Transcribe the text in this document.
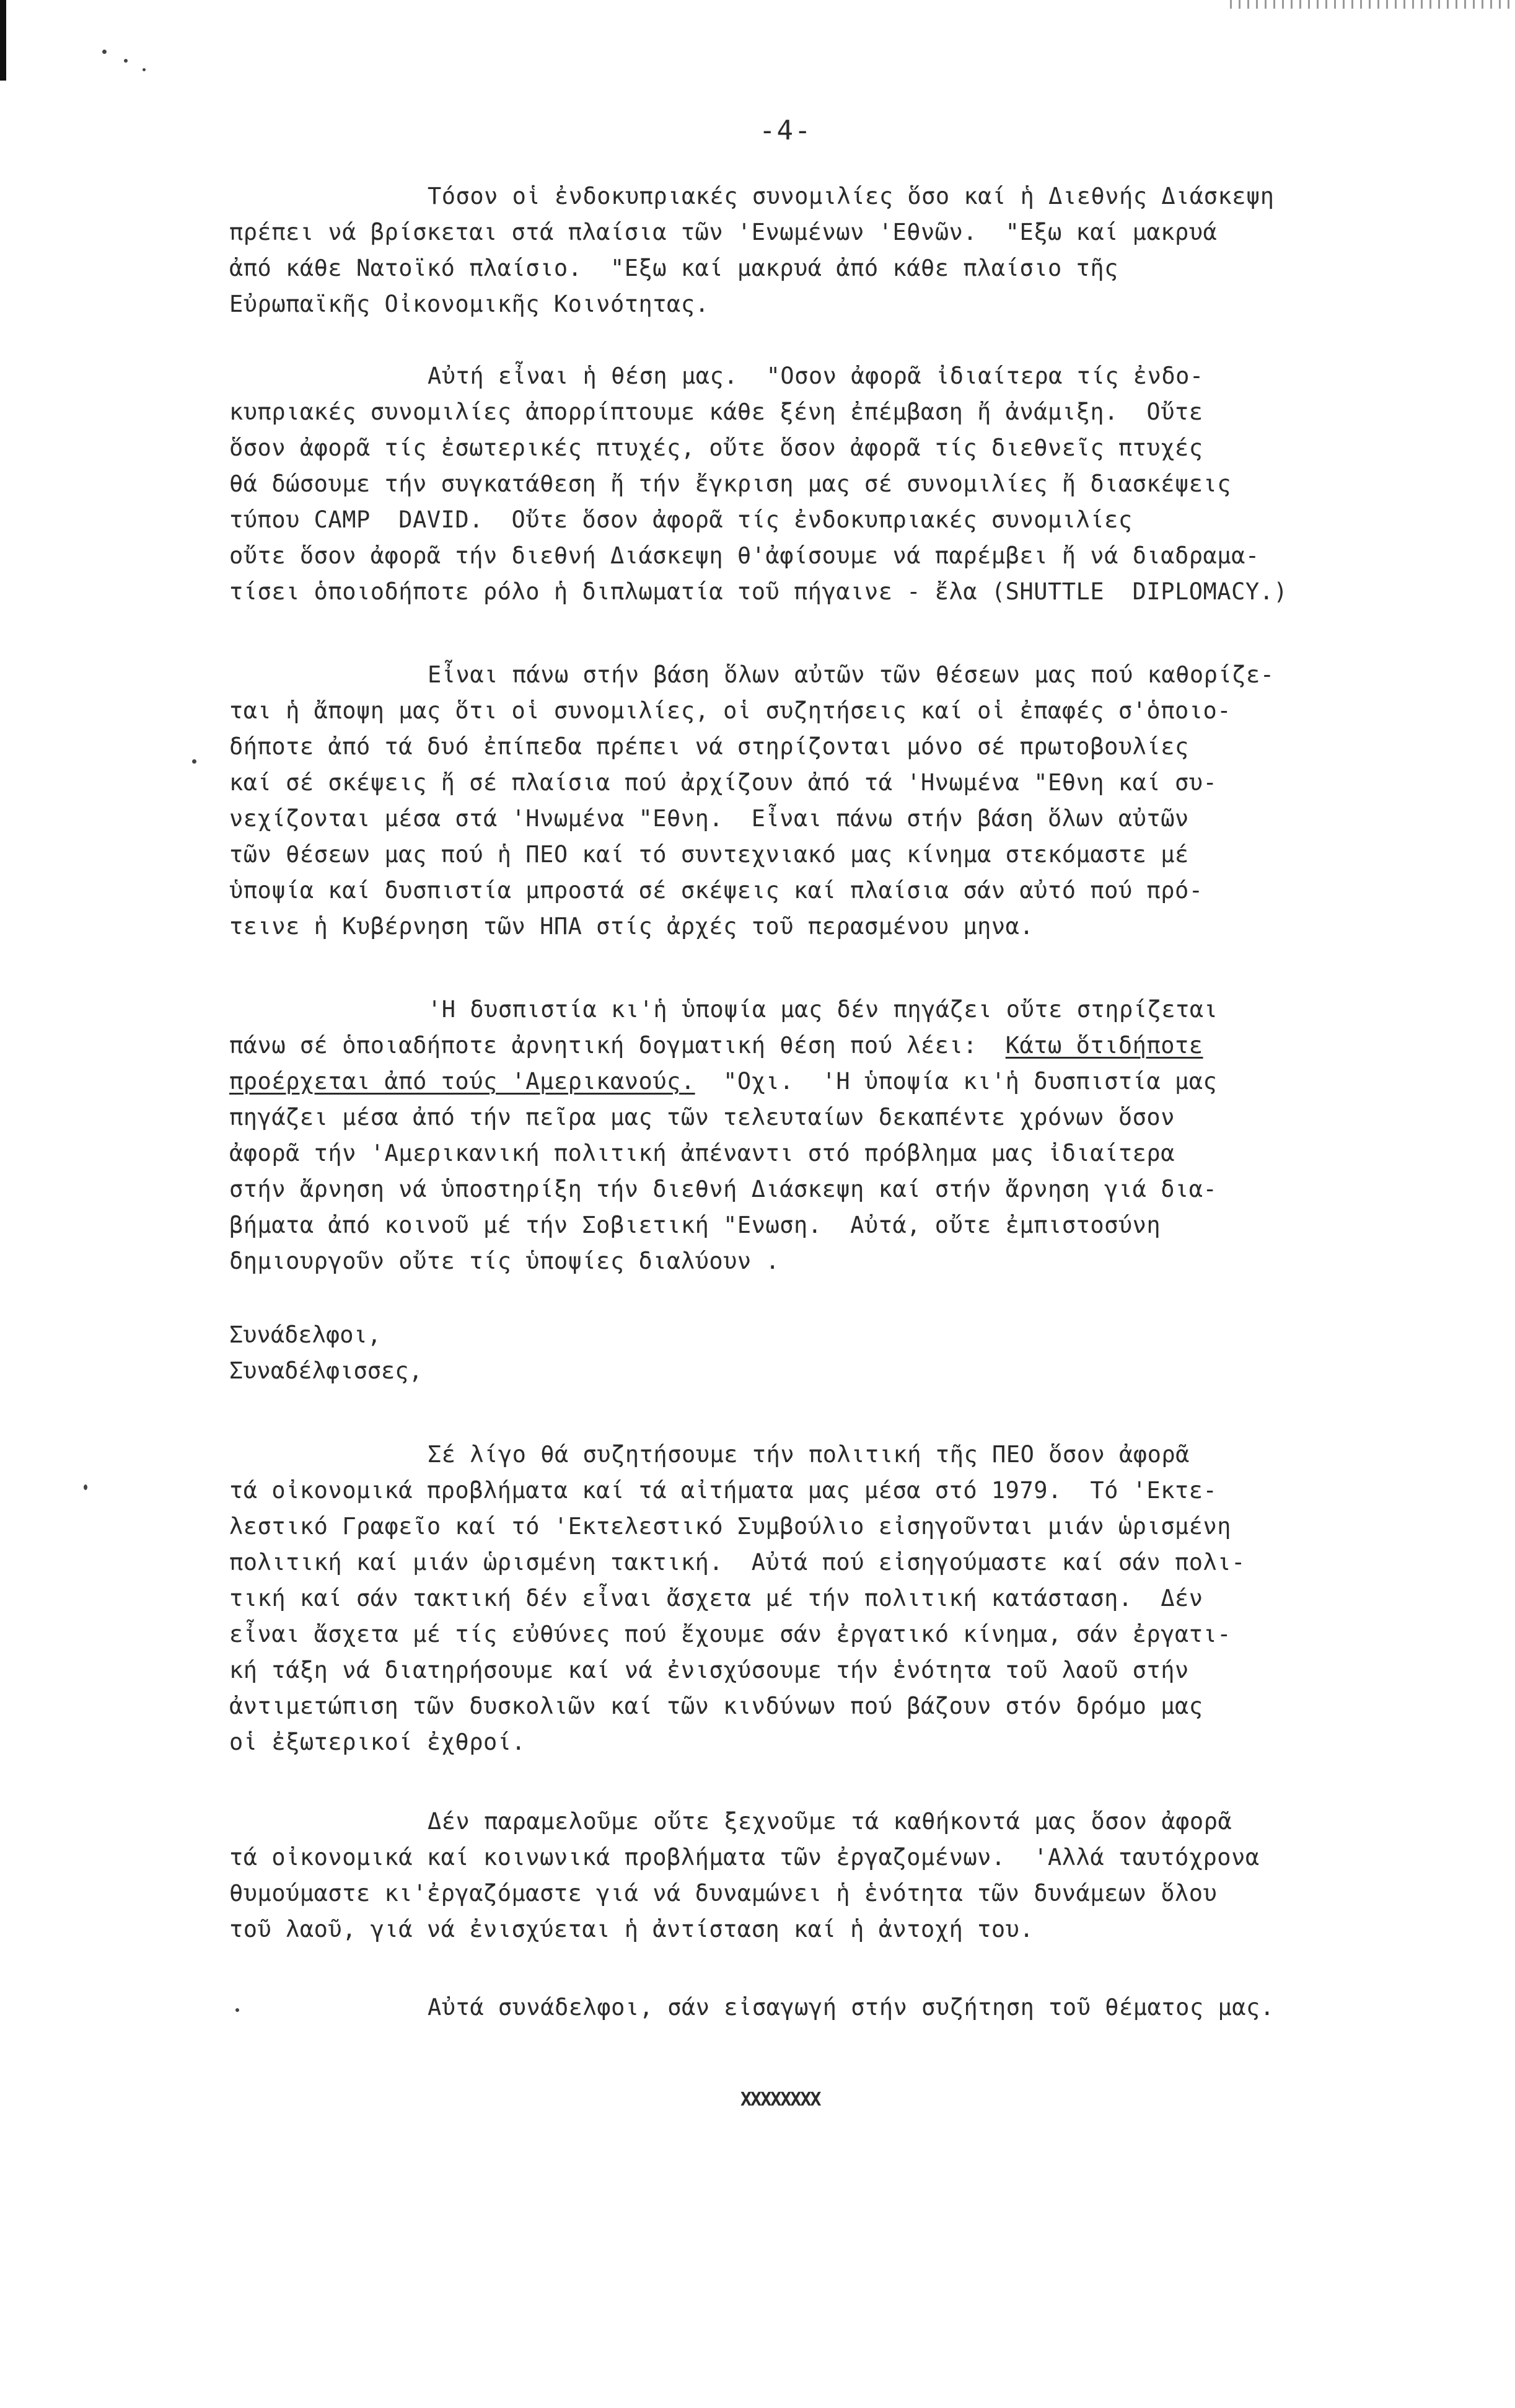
-4-
Τόσον οἱ ἐνδοκυπριακές συνομιλίες ὅσο καί ἡ Διεθνής Διάσκεψη
πρέπει νά βρίσκεται στά πλαίσια τῶν 'Ενωμένων 'Εθνῶν.  "Εξω καί μακρυά
ἀπό κάθε Νατοϊκό πλαίσιο.  "Εξω καί μακρυά ἀπό κάθε πλαίσιο τῆς
Εὐρωπαϊκῆς Οἰκονομικῆς Κοινότητας.
Αὐτή εἶναι ἡ θέση μας.  "Οσον ἀφορᾶ ἰδιαίτερα τίς ἐνδο-
κυπριακές συνομιλίες ἀπορρίπτουμε κάθε ξένη ἐπέμβαση ἤ ἀνάμιξη.  Οὔτε
ὅσον ἀφορᾶ τίς ἐσωτερικές πτυχές, οὔτε ὅσον ἀφορᾶ τίς διεθνεῖς πτυχές
θά δώσουμε τήν συγκατάθεση ἤ τήν ἔγκριση μας σέ συνομιλίες ἤ διασκέψεις
τύπου CAMP  DAVID.  Οὔτε ὅσον ἀφορᾶ τίς ἐνδοκυπριακές συνομιλίες
οὔτε ὅσον ἀφορᾶ τήν διεθνή Διάσκεψη θ'ἀφίσουμε νά παρέμβει ἤ νά διαδραμα-
τίσει ὁποιοδήποτε ρόλο ἡ διπλωματία τοῦ πήγαινε - ἔλα (SHUTTLE  DIPLOMACY.)
Εἶναι πάνω στήν βάση ὅλων αὐτῶν τῶν θέσεων μας πού καθορίζε-
ται ἡ ἄποψη μας ὅτι οἱ συνομιλίες, οἱ συζητήσεις καί οἱ ἐπαφές σ'ὁποιο-
δήποτε ἀπό τά δυό ἐπίπεδα πρέπει νά στηρίζονται μόνο σέ πρωτοβουλίες
καί σέ σκέψεις ἤ σέ πλαίσια πού ἀρχίζουν ἀπό τά 'Ηνωμένα "Εθνη καί συ-
νεχίζονται μέσα στά 'Ηνωμένα "Εθνη.  Εἶναι πάνω στήν βάση ὅλων αὐτῶν
τῶν θέσεων μας πού ἡ ΠΕΟ καί τό συντεχνιακό μας κίνημα στεκόμαστε μέ
ὑποψία καί δυσπιστία μπροστά σέ σκέψεις καί πλαίσια σάν αὐτό πού πρό-
τεινε ἡ Κυβέρνηση τῶν ΗΠΑ στίς ἀρχές τοῦ περασμένου μηνα.
'Η δυσπιστία κι'ἡ ὑποψία μας δέν πηγάζει οὔτε στηρίζεται
πάνω σέ ὁποιαδήποτε ἀρνητική δογματική θέση πού λέει:  Κάτω ὅτιδήποτε
προέρχεται ἀπό τούς 'Αμερικανούς.  "Οχι.  'Η ὑποψία κι'ἡ δυσπιστία μας
πηγάζει μέσα ἀπό τήν πεῖρα μας τῶν τελευταίων δεκαπέντε χρόνων ὅσον
ἀφορᾶ τήν 'Αμερικανική πολιτική ἀπέναντι στό πρόβλημα μας ἰδιαίτερα
στήν ἄρνηση νά ὑποστηρίξη τήν διεθνή Διάσκεψη καί στήν ἄρνηση γιά δια-
βήματα ἀπό κοινοῦ μέ τήν Σοβιετική "Ενωση.  Αὐτά, οὔτε ἐμπιστοσύνη
δημιουργοῦν οὔτε τίς ὑποψίες διαλύουν .
Συνάδελφοι,
Συναδέλφισσες,
Σέ λίγο θά συζητήσουμε τήν πολιτική τῆς ΠΕΟ ὅσον ἀφορᾶ
τά οἰκονομικά προβλήματα καί τά αἰτήματα μας μέσα στό 1979.  Τό 'Εκτε-
λεστικό Γραφεῖο καί τό 'Εκτελεστικό Συμβούλιο εἰσηγοῦνται μιάν ὡρισμένη
πολιτική καί μιάν ὡρισμένη τακτική.  Αὐτά πού εἰσηγούμαστε καί σάν πολι-
τική καί σάν τακτική δέν εἶναι ἄσχετα μέ τήν πολιτική κατάσταση.  Δέν
εἶναι ἄσχετα μέ τίς εὐθύνες πού ἔχουμε σάν ἐργατικό κίνημα, σάν ἐργατι-
κή τάξη νά διατηρήσουμε καί νά ἐνισχύσουμε τήν ἑνότητα τοῦ λαοῦ στήν
ἀντιμετώπιση τῶν δυσκολιῶν καί τῶν κινδύνων πού βάζουν στόν δρόμο μας
οἱ ἐξωτερικοί ἐχθροί.
Δέν παραμελοῦμε οὔτε ξεχνοῦμε τά καθήκοντά μας ὅσον ἀφορᾶ
τά οἰκονομικά καί κοινωνικά προβλήματα τῶν ἐργαζομένων.  'Αλλά ταυτόχρονα
θυμούμαστε κι'ἐργαζόμαστε γιά νά δυναμώνει ἡ ἑνότητα τῶν δυνάμεων ὅλου
τοῦ λαοῦ, γιά νά ἐνισχύεται ἡ ἀντίσταση καί ἡ ἀντοχή του.
Αὐτά συνάδελφοι, σάν εἰσαγωγή στήν συζήτηση τοῦ θέματος μας.
XXXXXXXX
